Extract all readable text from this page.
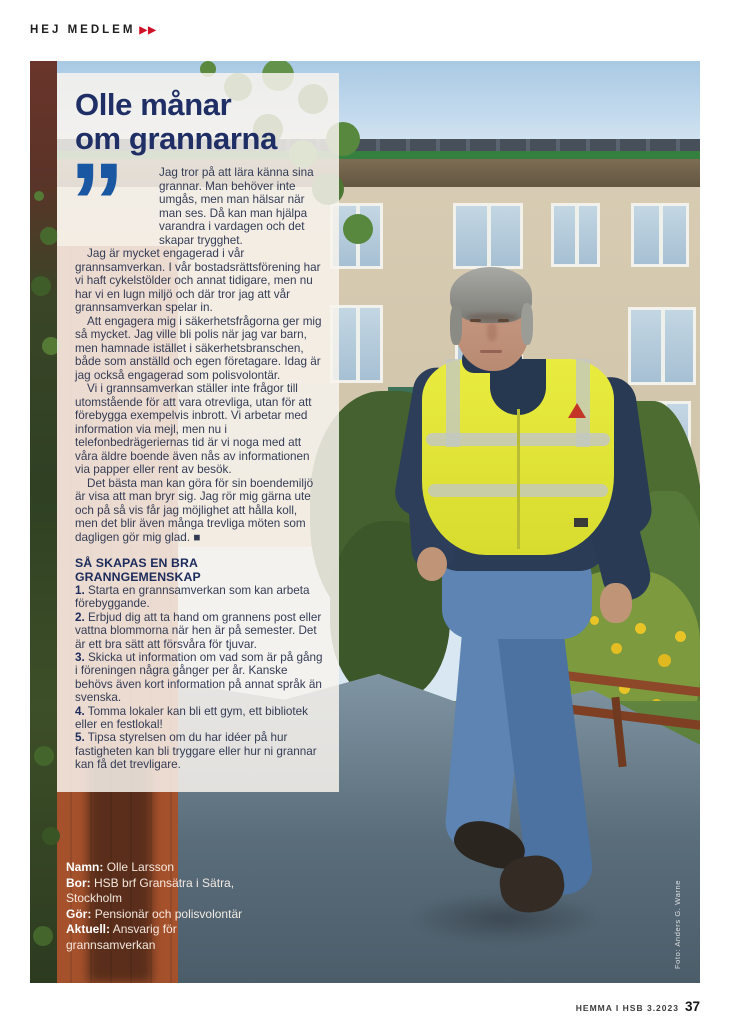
HEJ MEDLEM ▶▶
Foto: Anders G. Warne
Olle månar
om grannarna
”	Jag tror på att lära känna sina grannar. Man behöver inte umgås, men man hälsar när man ses. Då kan man hjälpa varandra i vardagen och det skapar trygghet.

Jag är mycket engagerad i vår grannsamverkan. I vår bostadsrättsförening har vi haft cykelstölder och annat tidigare, men nu har vi en lugn miljö och där tror jag att vår grannsamverkan spelar in.

Att engagera mig i säkerhetsfrågorna ger mig så mycket. Jag ville bli polis när jag var barn, men hamnade istället i säkerhetsbranschen, både som anställd och egen företagare. Idag är jag också engagerad som polisvolontär.

Vi i grannsamverkan ställer inte frågor till utomstående för att vara otrevliga, utan för att förebygga exempelvis inbrott. Vi arbetar med information via mejl, men nu i telefonbedrägeriernas tid är vi noga med att våra äldre boende även nås av informationen via papper eller rent av besök.

Det bästa man kan göra för sin boendemiljö är visa att man bryr sig. Jag rör mig gärna ute och på så vis får jag möjlighet att hålla koll, men det blir även många trevliga möten som dagligen gör mig glad. ■

SÅ SKAPAS EN BRA GRANNGEMENSKAP

1. Starta en grannsamverkan som kan arbeta förebyggande.

2. Erbjud dig att ta hand om grannens post eller vattna blommorna när hen är på semester. Det är ett bra sätt att försvåra för tjuvar.

3. Skicka ut information om vad som är på gång i föreningen några gånger per år. Kanske behövs även kort information på annat språk än svenska.

4. Tomma lokaler kan bli ett gym, ett bibliotek eller en festlokal!

5. Tipsa styrelsen om du har idéer på hur fastigheten kan bli tryggare eller hur ni grannar kan få det trevligare.

Namn: Olle Larsson
Bor: HSB brf Gransätra i Sätra, Stockholm
Gör: Pensionär och polisvolontär
Aktuell: Ansvarig för grannsamverkan
HEMMA I HSB 3.2023 37
